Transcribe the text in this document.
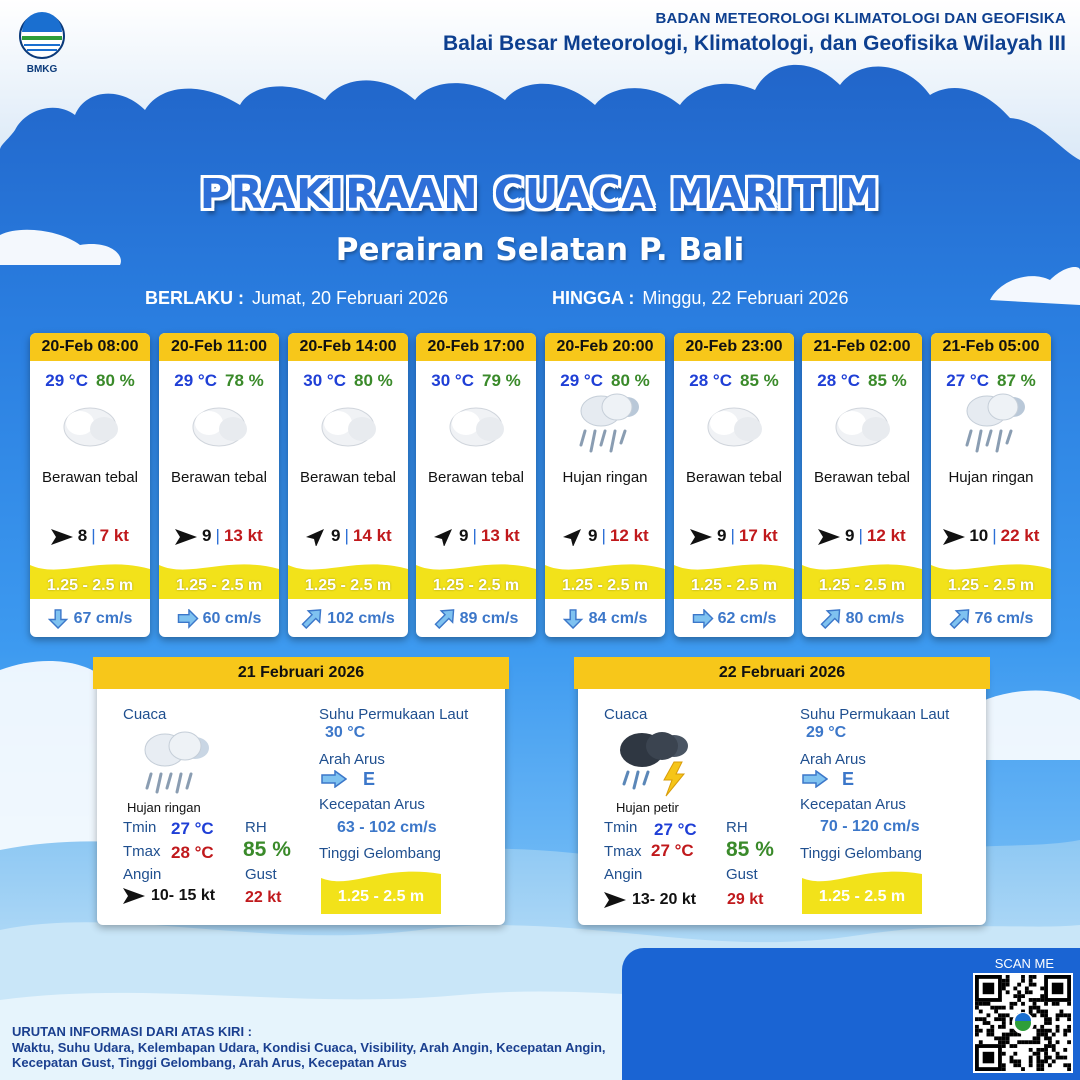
BMKG
BADAN METEOROLOGI KLIMATOLOGI DAN GEOFISIKA
Balai Besar Meteorologi, Klimatologi, dan Geofisika Wilayah III
PRAKIRAAN CUACA MARITIM
Perairan Selatan P. Bali
BERLAKU : Jumat, 20 Februari 2026	HINGGA : Minggu, 22 Februari 2026
20-Feb 08:00
29 °C 80 %
Berawan tebal
8 | 7 kt
1.25 - 2.5 m
67 cm/s
20-Feb 11:00
29 °C 78 %
Berawan tebal
9 | 13 kt
1.25 - 2.5 m
60 cm/s
20-Feb 14:00
30 °C 80 %
Berawan tebal
9 | 14 kt
1.25 - 2.5 m
102 cm/s
20-Feb 17:00
30 °C 79 %
Berawan tebal
9 | 13 kt
1.25 - 2.5 m
89 cm/s
20-Feb 20:00
29 °C 80 %
Hujan ringan
9 | 12 kt
1.25 - 2.5 m
84 cm/s
20-Feb 23:00
28 °C 85 %
Berawan tebal
9 | 17 kt
1.25 - 2.5 m
62 cm/s
21-Feb 02:00
28 °C 85 %
Berawan tebal
9 | 12 kt
1.25 - 2.5 m
80 cm/s
21-Feb 05:00
27 °C 87 %
Hujan ringan
10 | 22 kt
1.25 - 2.5 m
76 cm/s
21 Februari 2026
Cuaca
Hujan ringan
Tmin 27 °C
Tmax 28 °C
RH
85 %
Angin
10- 15 kt
Gust
22 kt
Suhu Permukaan Laut
30 °C
Arah Arus
E
Kecepatan Arus
63 - 102 cm/s
Tinggi Gelombang
1.25 - 2.5 m
22 Februari 2026
Cuaca
Hujan petir
Tmin 27 °C
Tmax 27 °C
RH
85 %
Angin
13- 20 kt
Gust
29 kt
Suhu Permukaan Laut
29 °C
Arah Arus
E
Kecepatan Arus
70 - 120 cm/s
Tinggi Gelombang
1.25 - 2.5 m
SCAN ME
URUTAN INFORMASI DARI ATAS KIRI :
Waktu, Suhu Udara, Kelembapan Udara, Kondisi Cuaca, Visibility, Arah Angin, Kecepatan Angin, Kecepatan Gust, Tinggi Gelombang, Arah Arus, Kecepatan Arus
